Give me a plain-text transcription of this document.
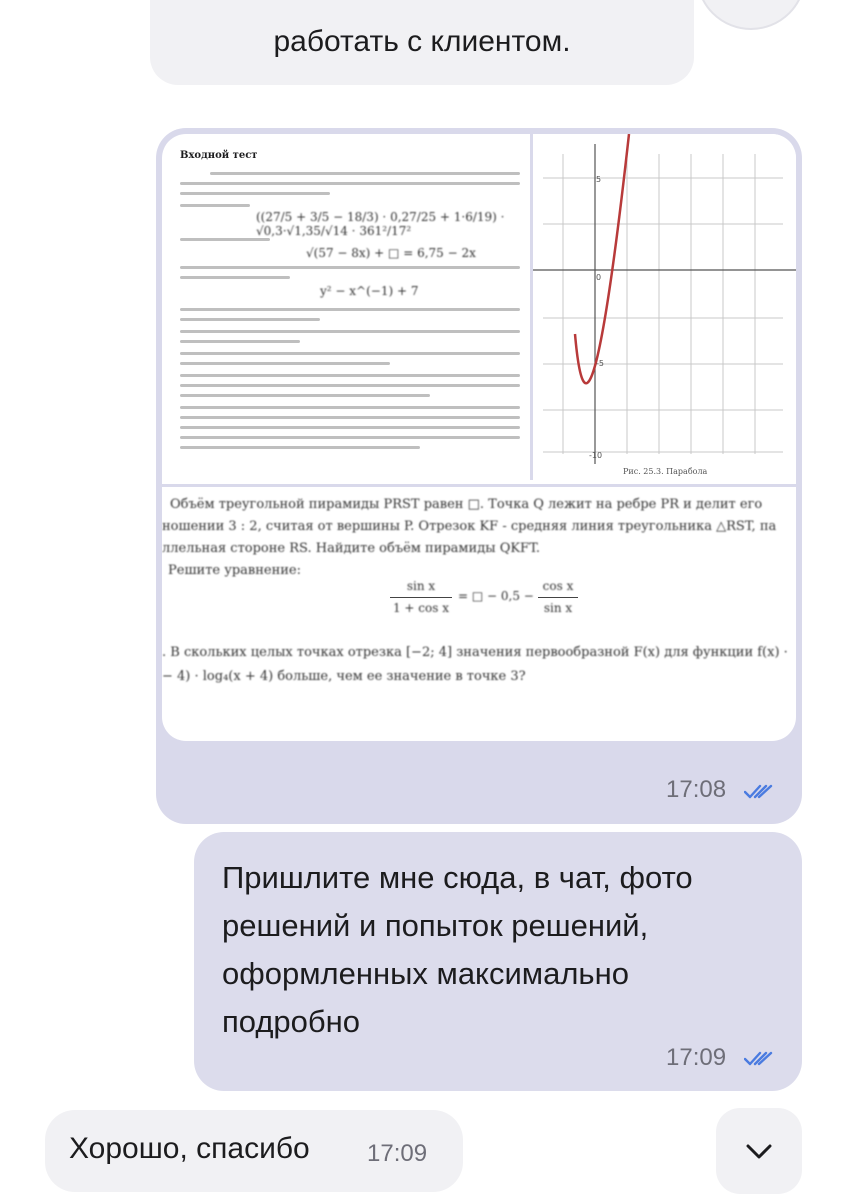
работать с клиентом.
Входной тест
((27/5 + 3/5 − 18/3) · 0,27/25 + 1·6/19) · √0,3·√1,35/√14 · 361²/17²
√(57 − 8x) + □ = 6,75 − 2x
y² − x^(−1) + 7
0
5
-5
-10
Рис. 25.3. Парабола
Объём треугольной пирамиды PRST равен □. Точка Q лежит на ребре PR и делит его
ношении 3 : 2, считая от вершины P. Отрезок KF - средняя линия треугольника △RST, па
ллельная стороне RS. Найдите объём пирамиды QKFT.
Решите уравнение:
sin x
1 + cos x
= □ − 0,5 −
cos x
sin x
. В скольких целых точках отрезка [−2; 4] значения первообразной F(x) для функции f(x) ·
− 4) · log₄(x + 4) больше, чем ее значение в точке 3?
17:08
Пришлите мне сюда, в чат, фото решений и попыток решений, оформленных максимально подробно
17:09
Хорошо, спасибо 17:09
